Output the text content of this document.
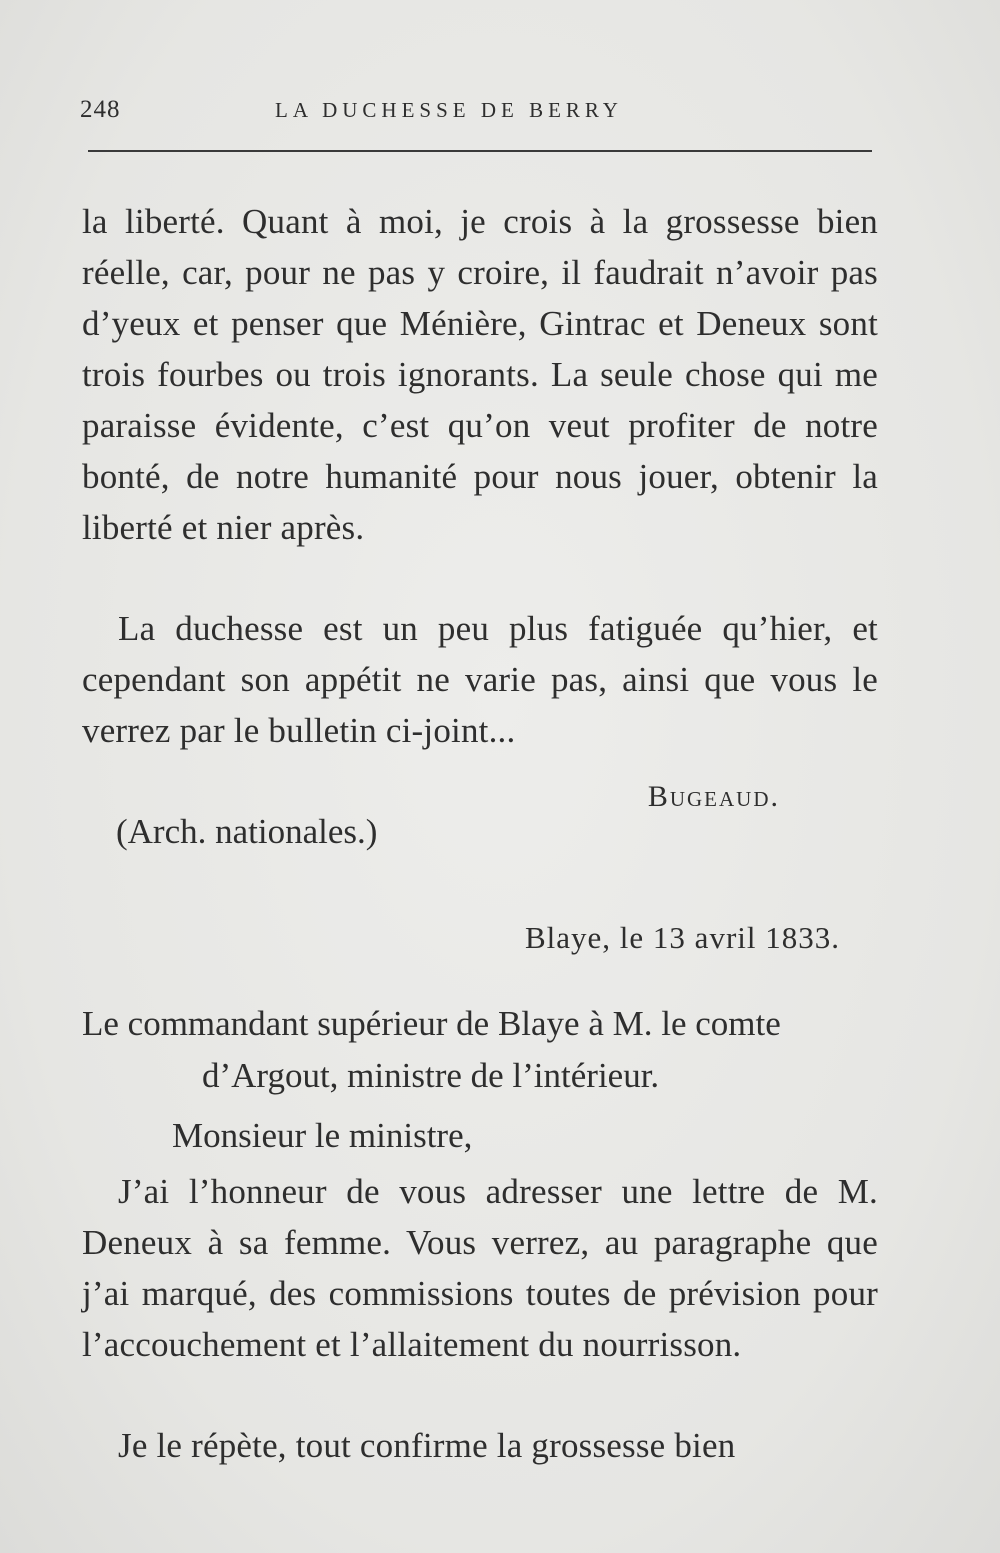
248	LA DUCHESSE DE BERRY
la liberté. Quant à moi, je crois à la grossesse bien réelle, car, pour ne pas y croire, il faudrait n’avoir pas d’yeux et penser que Ménière, Gintrac et Deneux sont trois fourbes ou trois ignorants. La seule chose qui me paraisse évidente, c’est qu’on veut profiter de notre bonté, de notre humanité pour nous jouer, obtenir la liberté et nier après.
La duchesse est un peu plus fatiguée qu’hier, et cependant son appétit ne varie pas, ainsi que vous le verrez par le bulletin ci-joint...
Bugeaud.
(Arch. nationales.)
Blaye, le 13 avril 1833.
Le commandant supérieur de Blaye à M. le comte
d’Argout, ministre de l’intérieur.
Monsieur le ministre,
J’ai l’honneur de vous adresser une lettre de M. Deneux à sa femme. Vous verrez, au paragraphe que j’ai marqué, des commissions toutes de prévision pour l’accouchement et l’allaitement du nourrisson.
Je le répète, tout confirme la grossesse bien
